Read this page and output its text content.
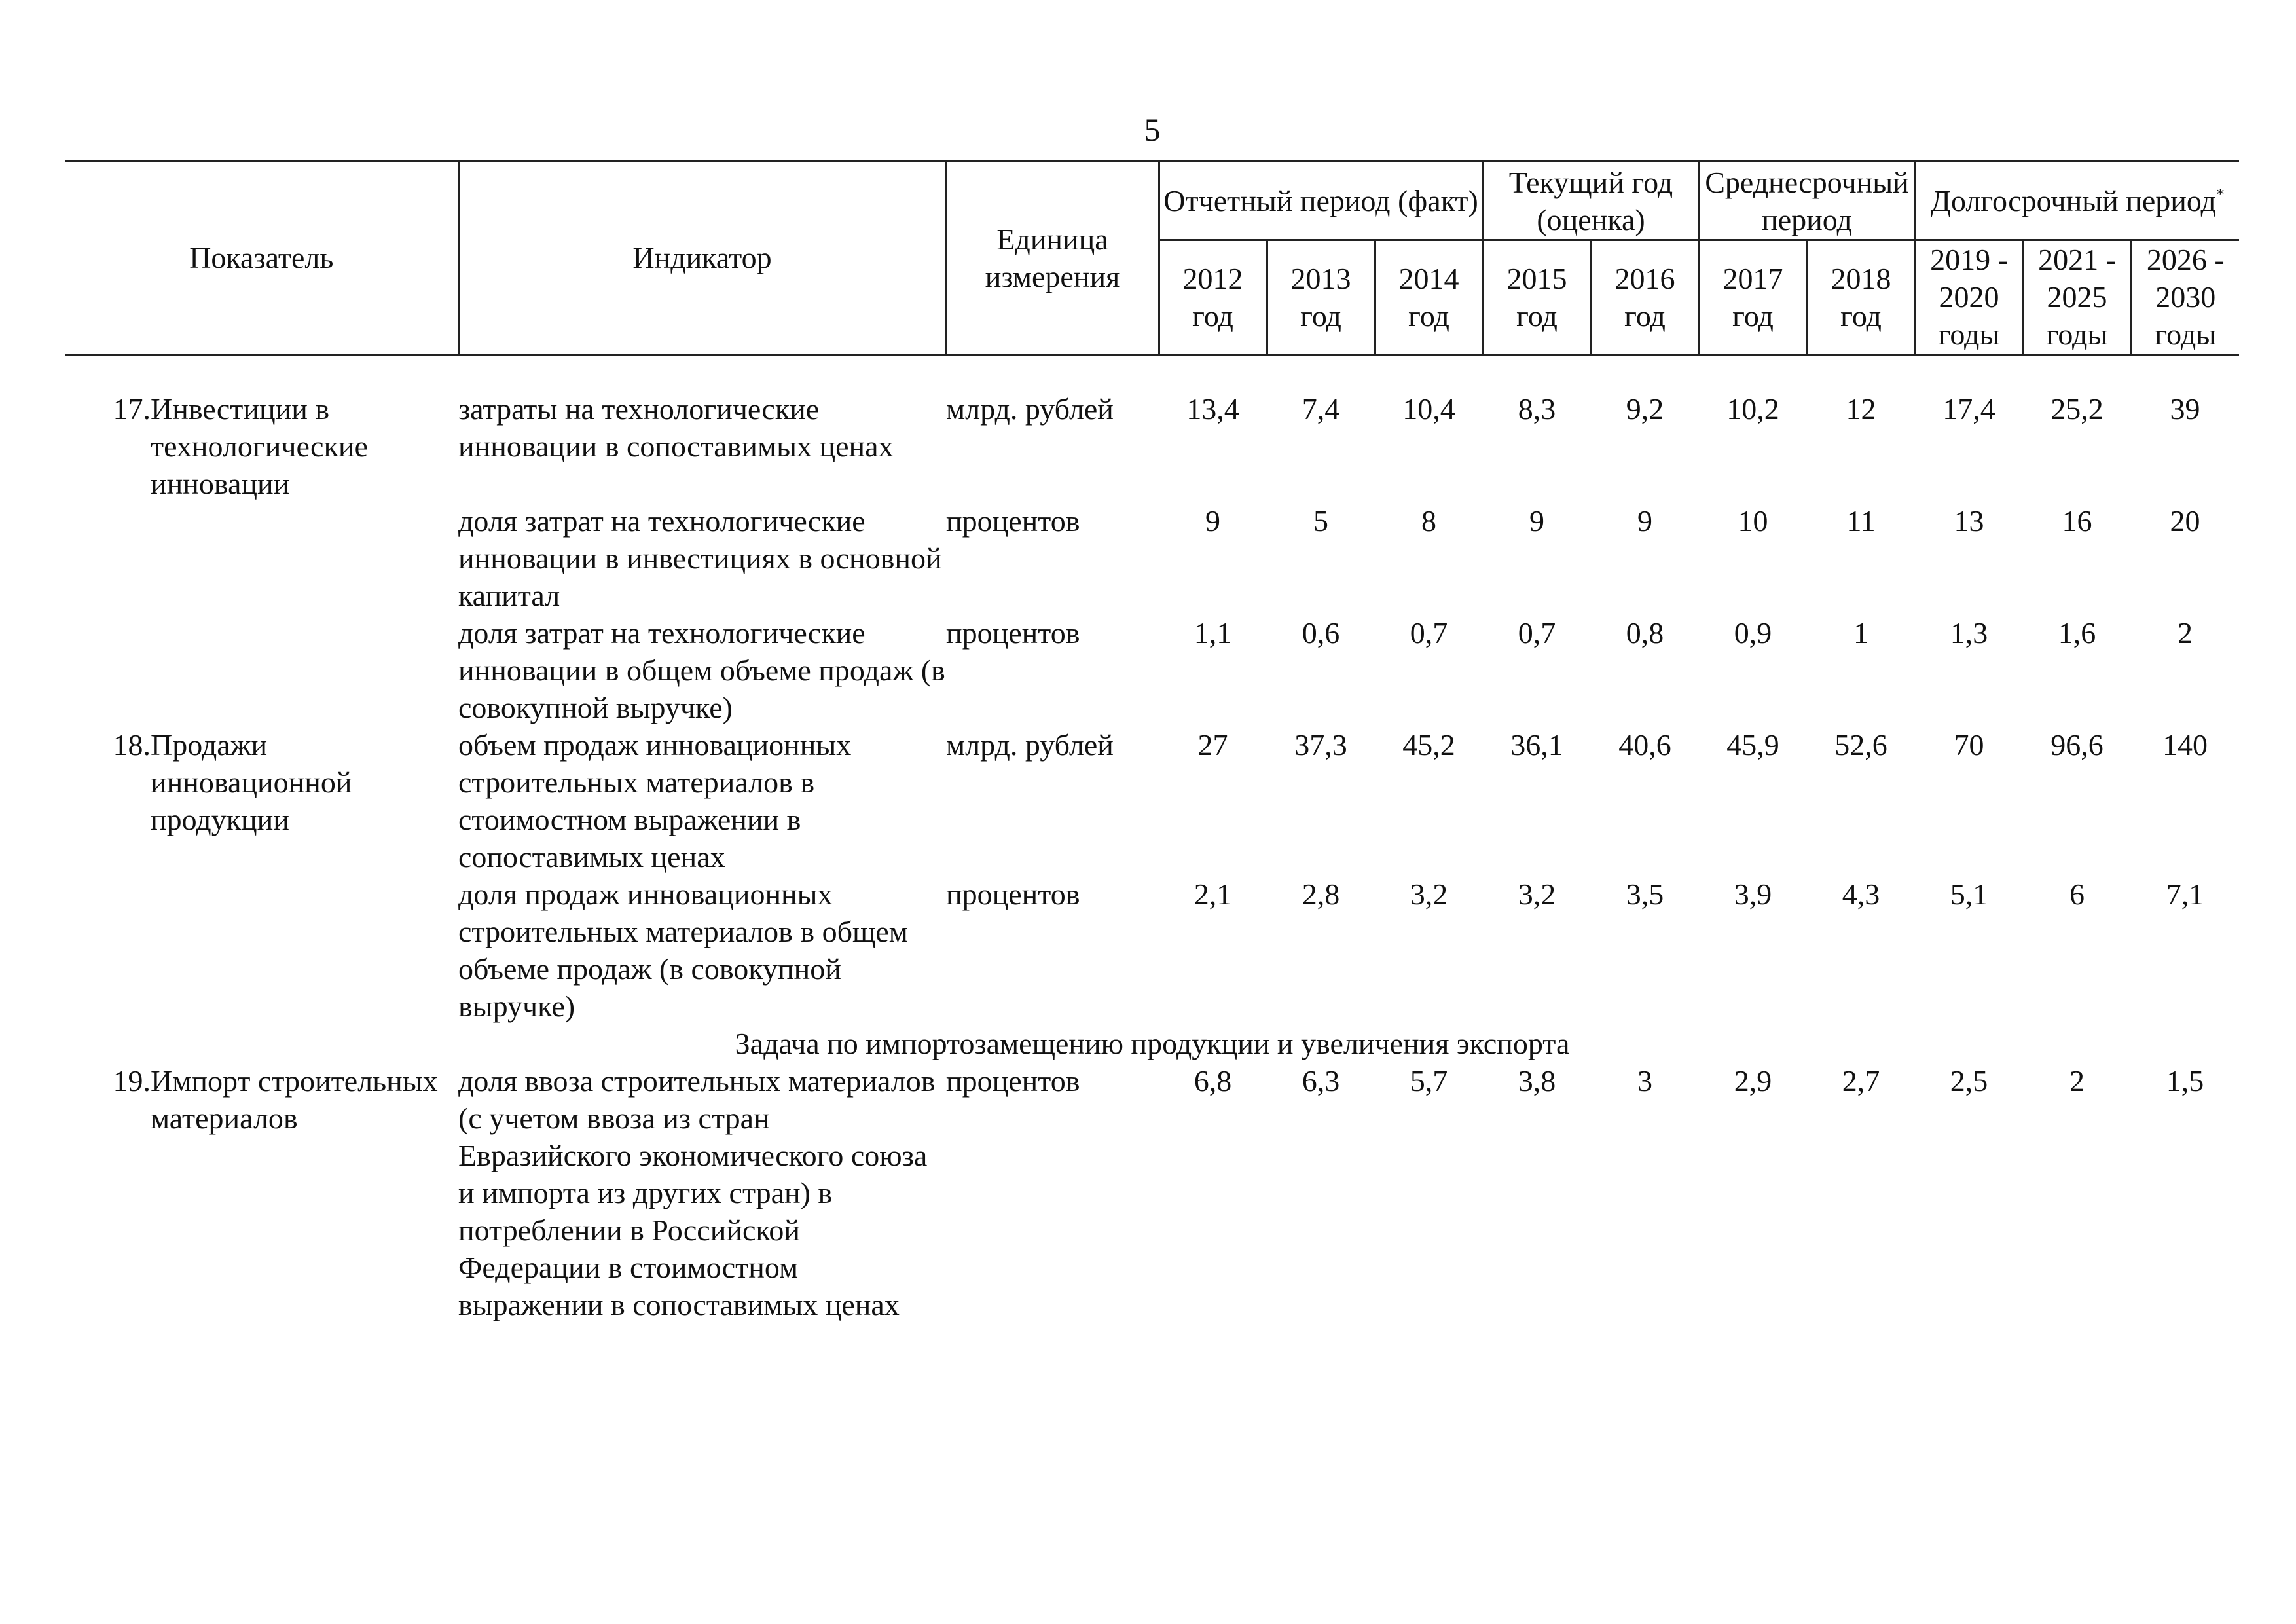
5
Показатель		Индикатор	Единица измерения	Отчетный период (факт)			Текущий год (оценка)		Среднесрочный период		Долгосрочный период*
				2012 год	2013 год	2014 год	2015 год	2016 год	2017 год	2018 год	2019 - 2020 годы	2021 - 2025 годы	2026 - 2030 годы

17.	Инвестиции в технологические инновации	затраты на технологические инновации в сопоставимых ценах	млрд. рублей	13,4	7,4	10,4	8,3	9,2	10,2	12	17,4	25,2	39
		доля затрат на технологические инновации в инвестициях в основной капитал	процентов	9	5	8	9	9	10	11	13	16	20
		доля затрат на технологические инновации в общем объеме продаж (в совокупной выручке)	процентов	1,1	0,6	0,7	0,7	0,8	0,9	1	1,3	1,6	2
18.	Продажи инновационной продукции	объем продаж инновационных строительных материалов в стоимостном выражении в сопоставимых ценах	млрд. рублей	27	37,3	45,2	36,1	40,6	45,9	52,6	70	96,6	140
		доля продаж инновационных строительных материалов в общем объеме продаж (в совокупной выручке)	процентов	2,1	2,8	3,2	3,2	3,5	3,9	4,3	5,1	6	7,1
Задача по импортозамещению продукции и увеличения экспорта													
19.	Импорт строительных материалов	доля ввоза строительных материалов (с учетом ввоза из стран Евразийского экономического союза и импорта из других стран) в потреблении в Российской Федерации в стоимостном выражении в сопоставимых ценах	процентов	6,8	6,3	5,7	3,8	3	2,9	2,7	2,5	2	1,5
